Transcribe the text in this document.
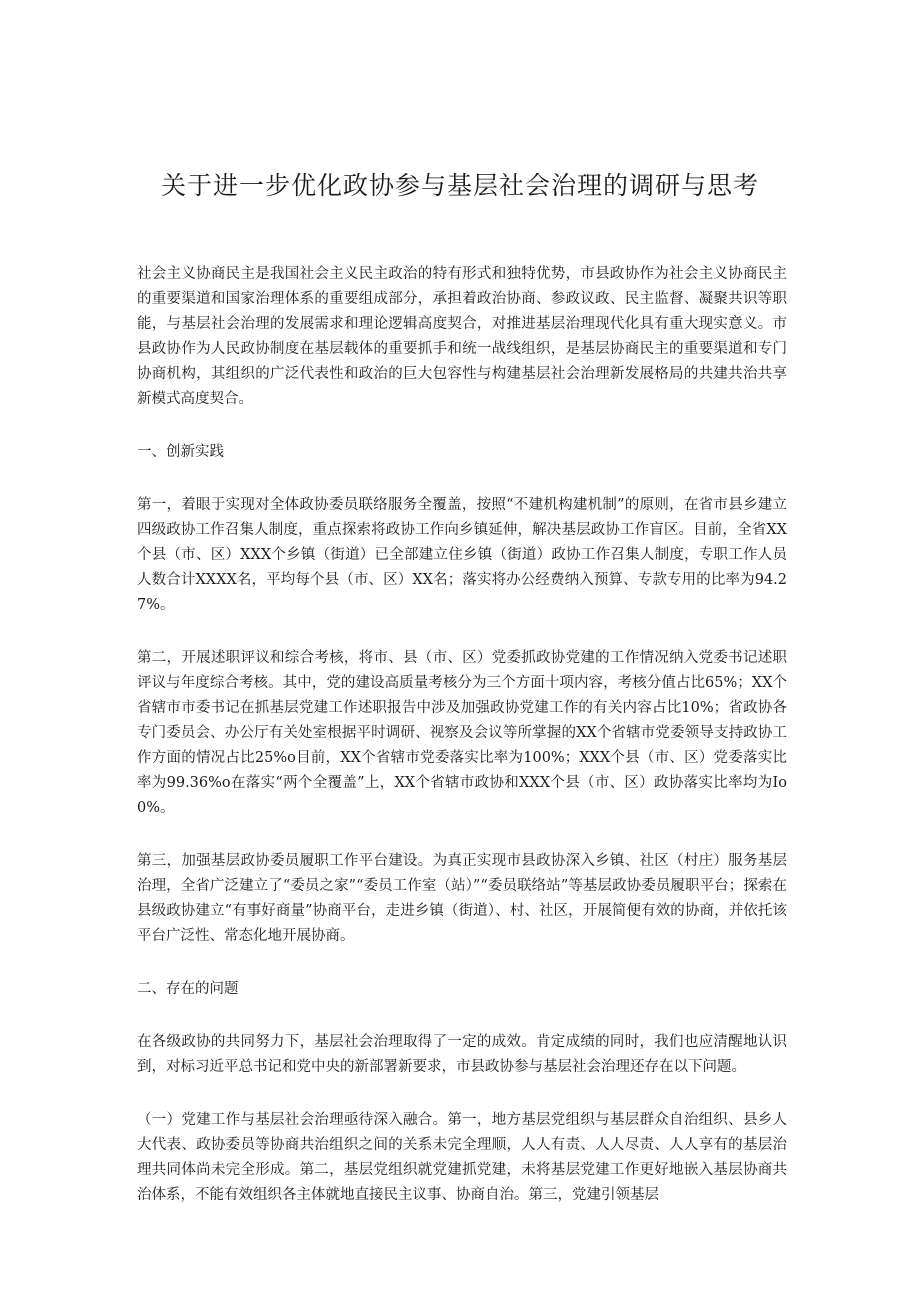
关于进一步优化政协参与基层社会治理的调研与思考

社会主义协商民主是我国社会主义民主政治的特有形式和独特优势，市县政协作为社会主义协商民主的重要渠道和国家治理体系的重要组成部分，承担着政治协商、参政议政、民主监督、凝聚共识等职能，与基层社会治理的发展需求和理论逻辑高度契合，对推进基层治理现代化具有重大现实意义。市县政协作为人民政协制度在基层载体的重要抓手和统一战线组织，是基层协商民主的重要渠道和专门协商机构，其组织的广泛代表性和政治的巨大包容性与构建基层社会治理新发展格局的共建共治共享新模式高度契合。

一、创新实践

第一，着眼于实现对全体政协委员联络服务全覆盖，按照“不建机构建机制”的原则，在省市县乡建立四级政协工作召集人制度，重点探索将政协工作向乡镇延伸，解决基层政协工作盲区。目前，全省XX个县（市、区）XXX个乡镇（街道）已全部建立住乡镇（街道）政协工作召集人制度，专职工作人员人数合计XXXX名，平均每个县（市、区）XX名；落实将办公经费纳入预算、专款专用的比率为94.27%。

第二，开展述职评议和综合考核，将市、县（市、区）党委抓政协党建的工作情况纳入党委书记述职评议与年度综合考核。其中，党的建设高质量考核分为三个方面十项内容，考核分值占比65%；XX个省辖市市委书记在抓基层党建工作述职报告中涉及加强政协党建工作的有关内容占比10%；省政协各专门委员会、办公厅有关处室根据平时调研、视察及会议等所掌握的XX个省辖市党委领导支持政协工作方面的情况占比25%o目前，XX个省辖市党委落实比率为100%；XXX个县（市、区）党委落实比率为99.36%o在落实“两个全覆盖”上，XX个省辖市政协和XXX个县（市、区）政协落实比率均为Io0%。

第三，加强基层政协委员履职工作平台建设。为真正实现市县政协深入乡镇、社区（村庄）服务基层治理，全省广泛建立了“委员之家”“委员工作室（站）”“委员联络站”等基层政协委员履职平台；探索在县级政协建立“有事好商量”协商平台，走进乡镇（街道）、村、社区，开展简便有效的协商，并依托该平台广泛性、常态化地开展协商。

二、存在的问题

在各级政协的共同努力下，基层社会治理取得了一定的成效。肯定成绩的同时，我们也应清醒地认识到，对标习近平总书记和党中央的新部署新要求，市县政协参与基层社会治理还存在以下问题。

（一）党建工作与基层社会治理亟待深入融合。第一，地方基层党组织与基层群众自治组织、县乡人大代表、政协委员等协商共治组织之间的关系未完全理顺，人人有责、人人尽责、人人享有的基层治理共同体尚未完全形成。第二，基层党组织就党建抓党建，未将基层党建工作更好地嵌入基层协商共治体系，不能有效组织各主体就地直接民主议事、协商自治。第三，党建引领基层
